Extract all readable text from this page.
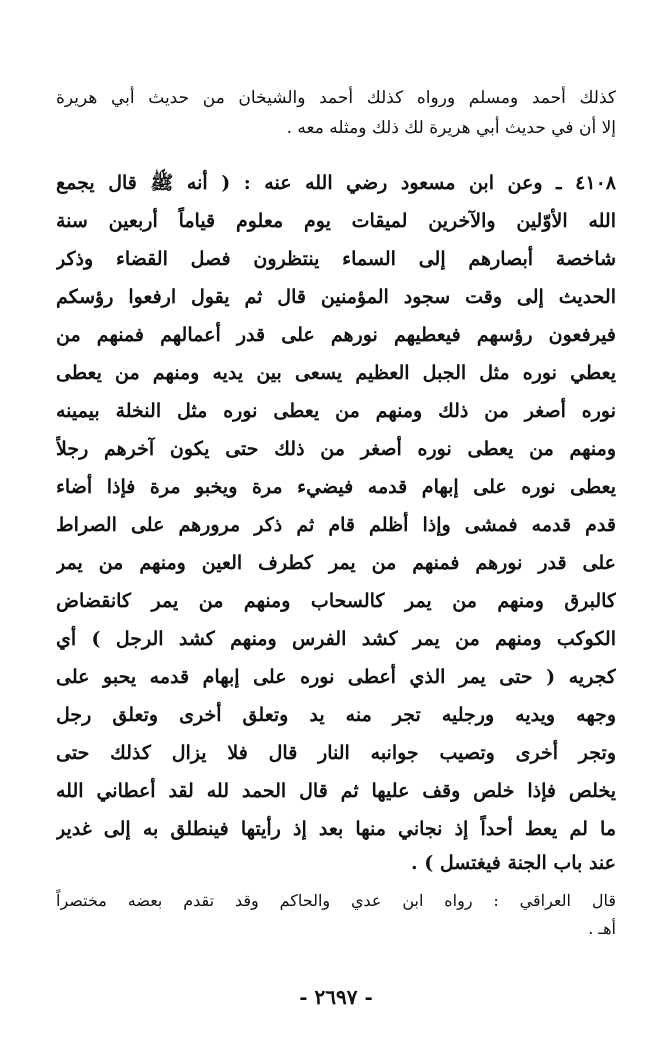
كذلك أحمد ومسلم ورواه كذلك أحمد والشيخان من حديث أبي هريرة
إلا أن في حديث أبي هريرة لك ذلك ومثله معه .
٤١٠٨ ـ وعن ابن مسعود رضي الله عنه : ( أنه ﷺ قال يجمع
الله الأوّلين والآخرين لميقات يوم معلوم قياماً أربعين سنة
شاخصة أبصارهم إلى السماء ينتظرون فصل القضاء وذكر
الحديث إلى وقت سجود المؤمنين قال ثم يقول ارفعوا رؤسكم
فيرفعون رؤسهم فيعطيهم نورهم على قدر أعمالهم فمنهم من
يعطي نوره مثل الجبل العظيم يسعى بين يديه ومنهم من يعطى
نوره أصغر من ذلك ومنهم من يعطى نوره مثل النخلة بيمينه
ومنهم من يعطى نوره أصغر من ذلك حتى يكون آخرهم رجلاً
يعطى نوره على إبهام قدمه فيضيء مرة ويخبو مرة فإذا أضاء
قدم قدمه فمشى وإذا أظلم قام ثم ذكر مرورهم على الصراط
على قدر نورهم فمنهم من يمر كطرف العين ومنهم من يمر
كالبرق ومنهم من يمر كالسحاب ومنهم من يمر كانقضاض
الكوكب ومنهم من يمر كشد الفرس ومنهم كشد الرجل ) أي
كجريه ( حتى يمر الذي أعطى نوره على إبهام قدمه يحبو على
وجهه ويديه ورجليه تجر منه يد وتعلق أخرى وتعلق رجل
وتجر أخرى وتصيب جوانبه النار قال فلا يزال كذلك حتى
يخلص فإذا خلص وقف عليها ثم قال الحمد لله لقد أعطاني الله
ما لم يعط أحداً إذ نجاني منها بعد إذ رأيتها فينطلق به إلى غدير
عند باب الجنة فيغتسل ) .
قال العراقي : رواه ابن عدي والحاكم وقد تقدم بعضه مختصراً
أهـ .
- ٢٦٩٧ -
